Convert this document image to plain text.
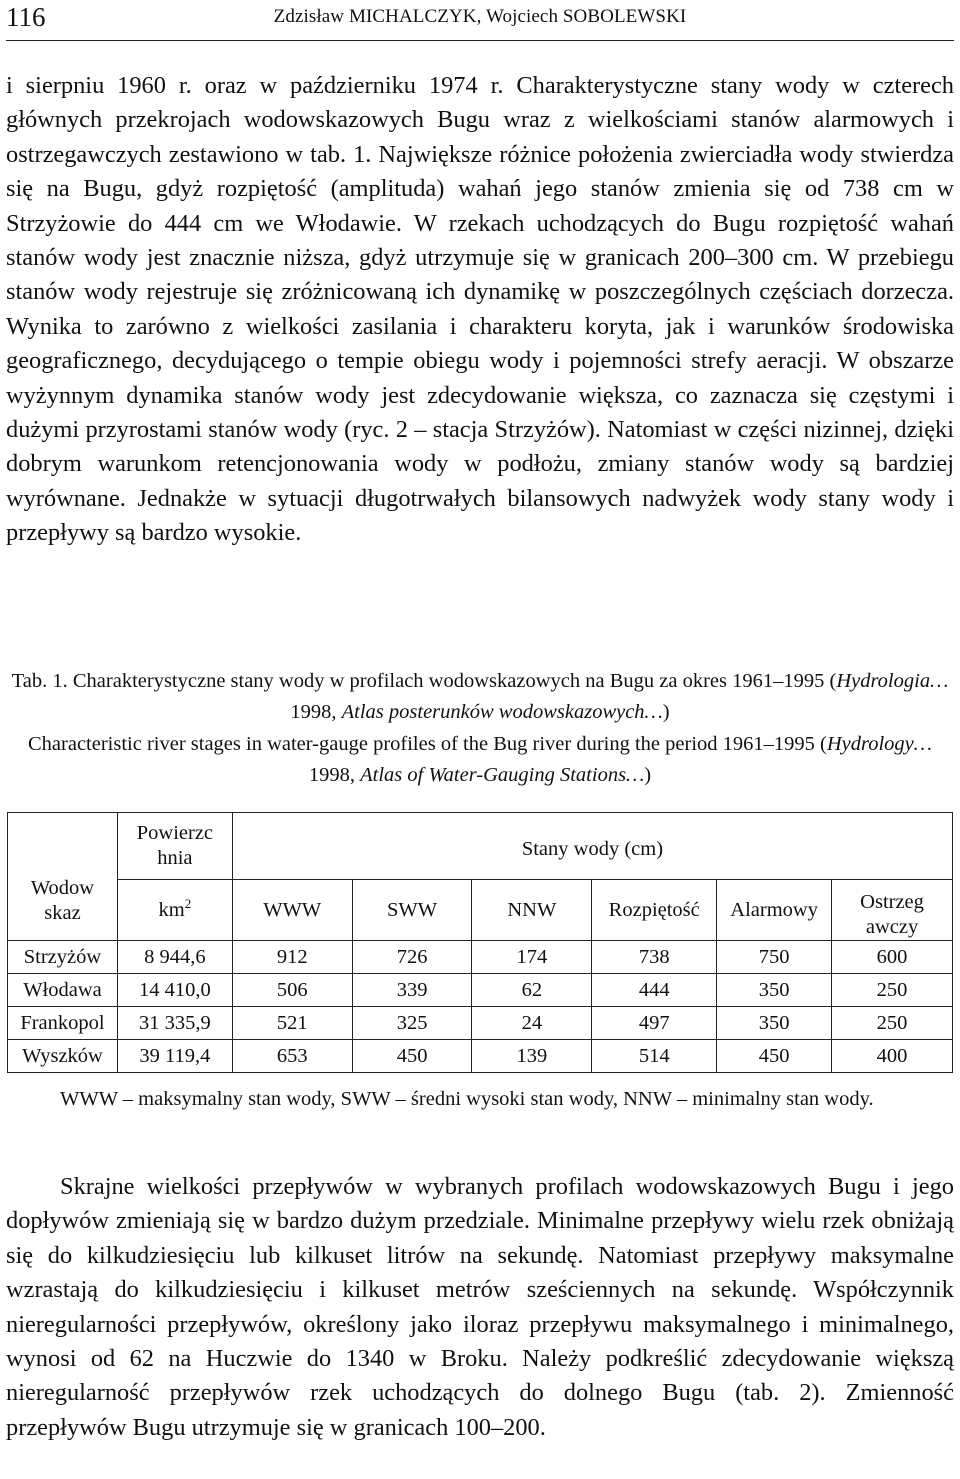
116	Zdzisław MICHALCZYK, Wojciech SOBOLEWSKI

i sierpniu 1960 r. oraz w październiku 1974 r. Charakterystyczne stany wody w czterech głównych przekrojach wodowskazowych Bugu wraz z wielkościami stanów alarmowych i ostrzegawczych zestawiono w tab. 1. Największe różnice położenia zwierciadła wody stwierdza się na Bugu, gdyż rozpiętość (amplituda) wahań jego stanów zmienia się od 738 cm w Strzyżowie do 444 cm we Włodawie. W rzekach uchodzących do Bugu rozpiętość wahań stanów wody jest znacznie niższa, gdyż utrzymuje się w granicach 200–300 cm. W przebiegu stanów wody rejestruje się zróżnicowaną ich dynamikę w poszczególnych częściach dorzecza. Wynika to zarówno z wielkości zasilania i charakteru koryta, jak i warunków środowiska geograficznego, decydującego o tempie obiegu wody i pojemności strefy aeracji. W obszarze wyżynnym dynamika stanów wody jest zdecydowanie większa, co zaznacza się częstymi i dużymi przyrostami stanów wody (ryc. 2 – stacja Strzyżów). Natomiast w części nizinnej, dzięki dobrym warunkom retencjonowania wody w podłożu, zmiany stanów wody są bardziej wyrównane. Jednakże w sytuacji długotrwałych bilansowych nadwyżek wody stany wody i przepływy są bardzo wysokie.

Tab. 1. Charakterystyczne stany wody w profilach wodowskazowych na Bugu za okres 1961–1995 (Hydrologia… 1998, Atlas posterunków wodowskazowych…)
Characteristic river stages in water-gauge profiles of the Bug river during the period 1961–1995 (Hydrology… 1998, Atlas of Water-Gauging Stations…)
Wodowskaz	Powierzchnia	Stany wody (cm)					
	$km^2$	WWW	SWW	NNW	Rozpiętość	Alarmowy	Ostrzegawczy
Strzyżów	8 944,6	912	726	174	738	750	600
Włodawa	14 410,0	506	339	62	444	350	250
Frankopol	31 335,9	521	325	24	497	350	250
Wyszków	39 119,4	653	450	139	514	450	400

WWW – maksymalny stan wody, SWW – średni wysoki stan wody, NNW – minimalny stan wody.

Skrajne wielkości przepływów w wybranych profilach wodowskazowych Bugu i jego dopływów zmieniają się w bardzo dużym przedziale. Minimalne przepływy wielu rzek obniżają się do kilkudziesięciu lub kilkuset litrów na sekundę. Natomiast przepływy maksymalne wzrastają do kilkudziesięciu i kilkuset metrów sześciennych na sekundę. Współczynnik nieregularności przepływów, określony jako iloraz przepływu maksymalnego i minimalnego, wynosi od 62 na Huczwie do 1340 w Broku. Należy podkreślić zdecydowanie większą nieregularność przepływów rzek uchodzących do dolnego Bugu (tab. 2). Zmienność przepływów Bugu utrzymuje się w granicach 100–200.
